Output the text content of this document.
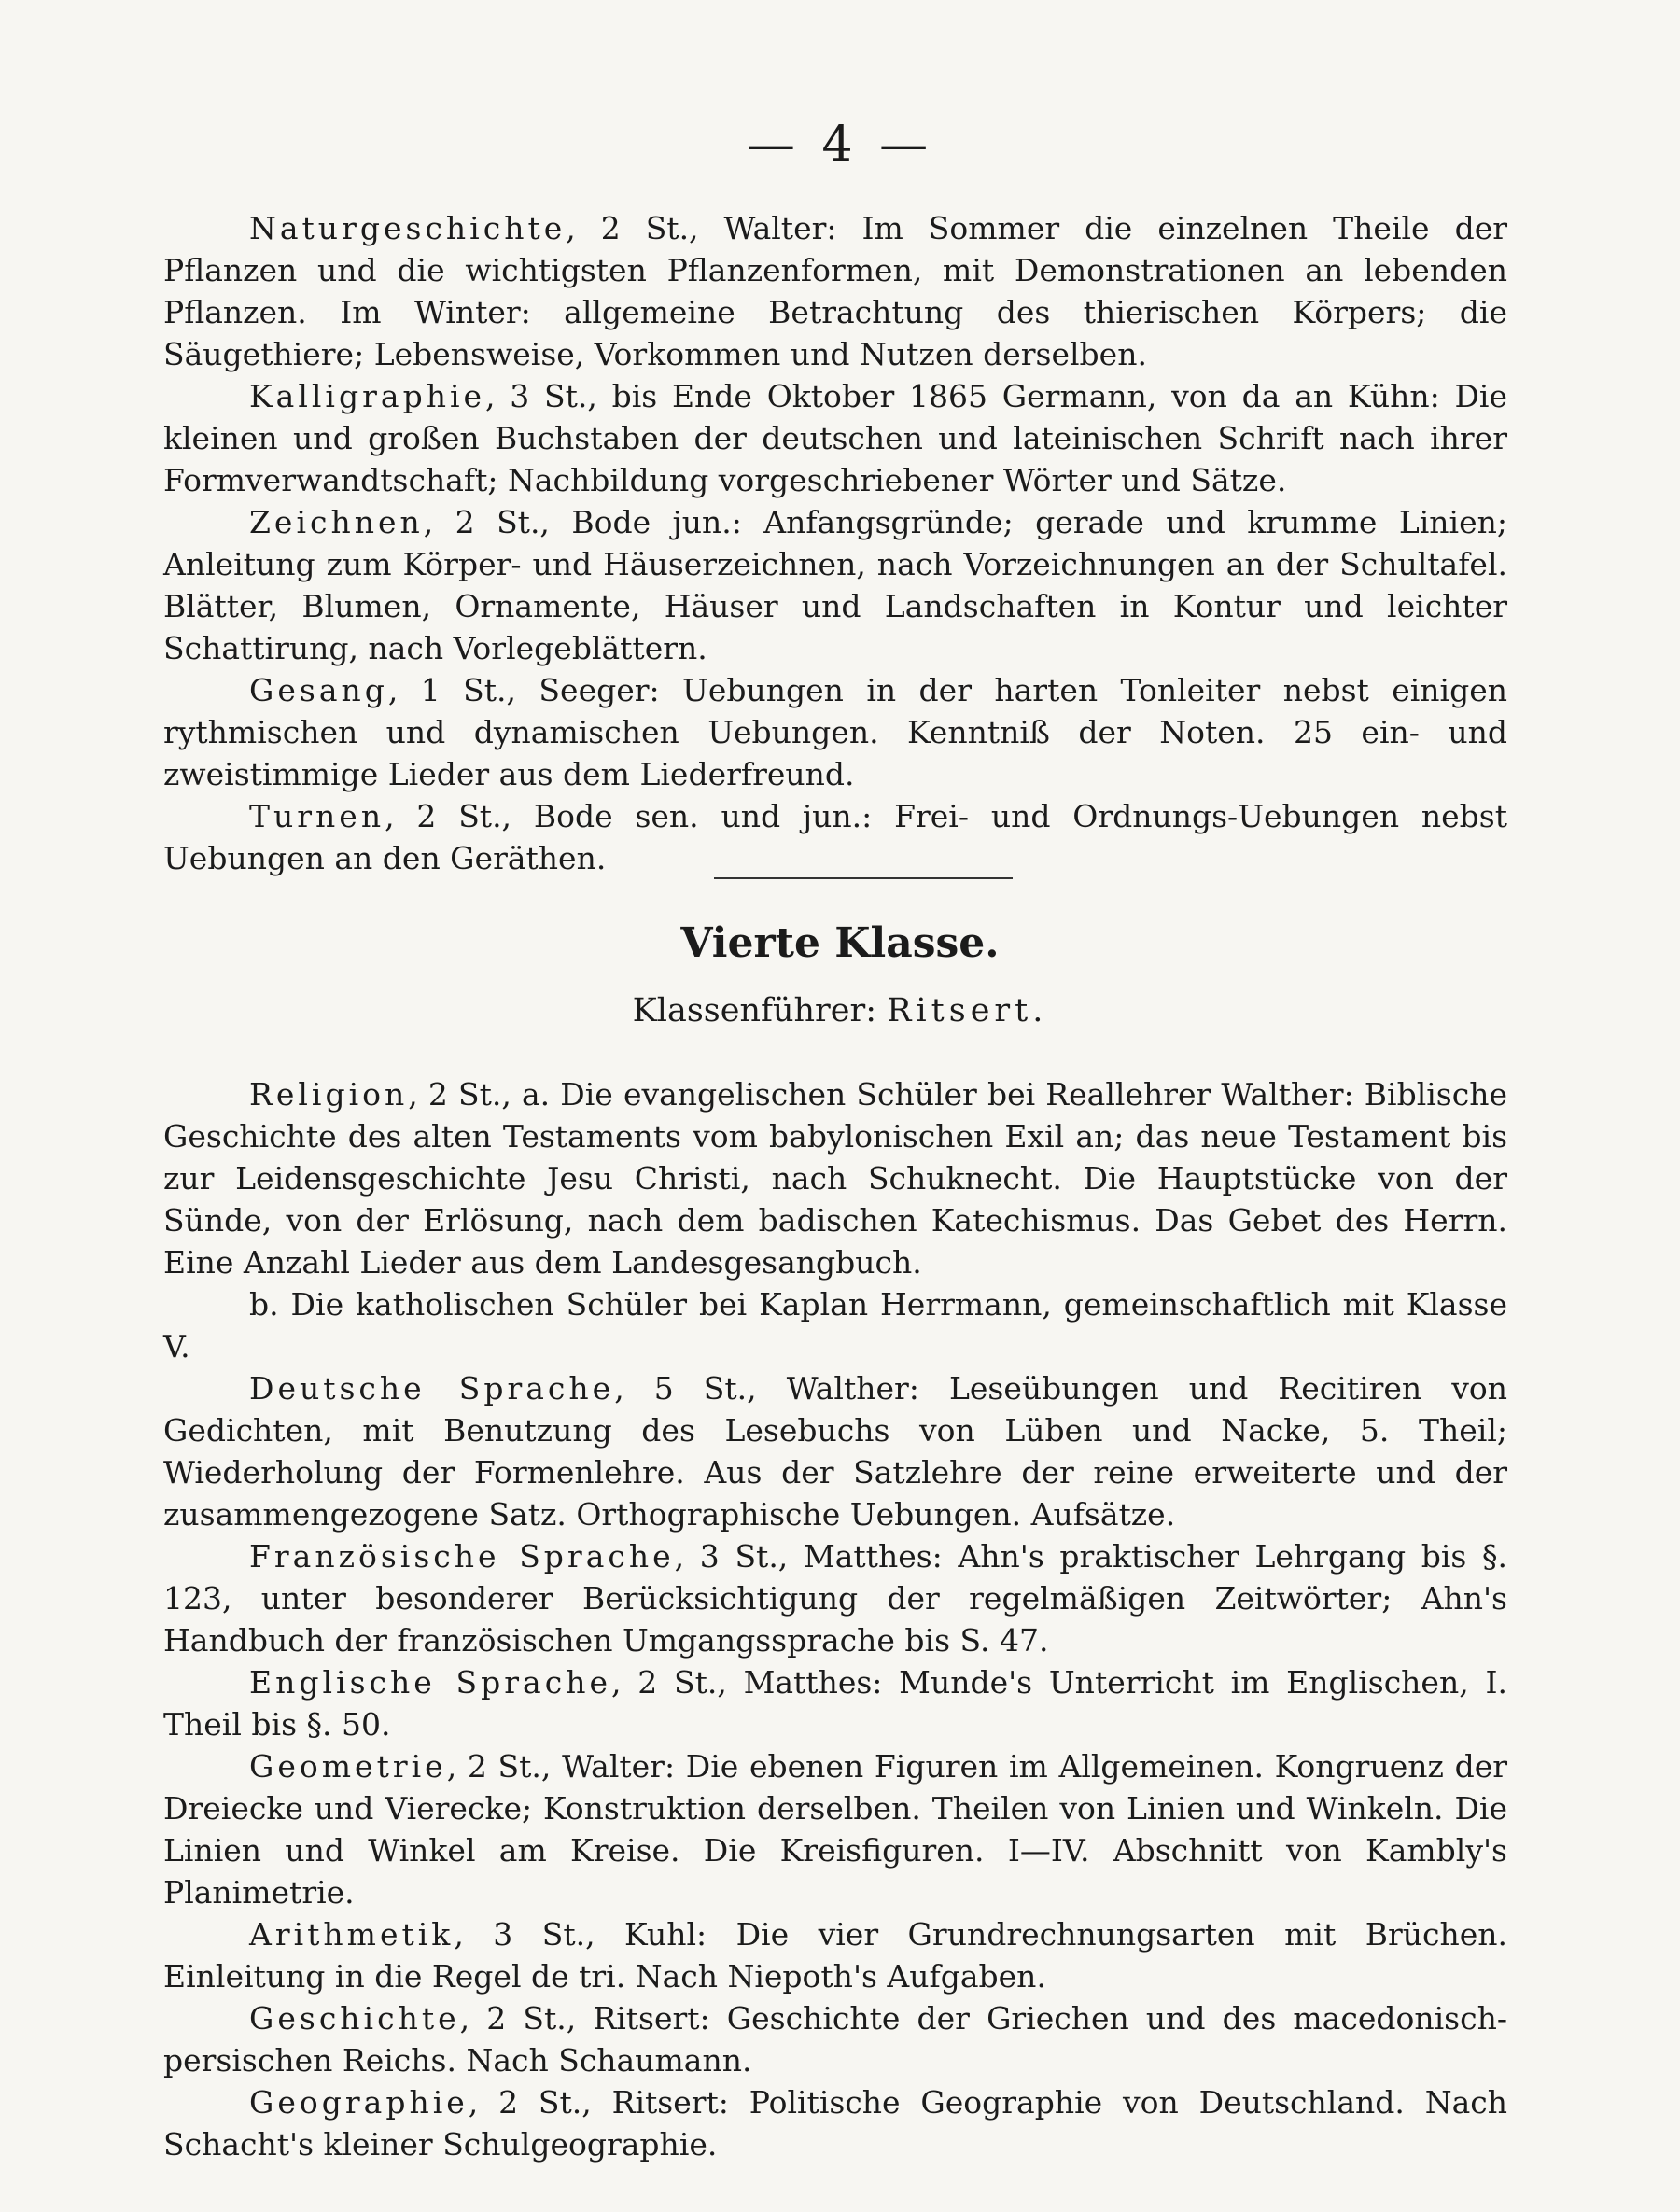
— 4 —

Naturgeschichte, 2 St., Walter: Im Sommer die einzelnen Theile der Pflanzen und die wichtigsten Pflanzenformen, mit Demonstrationen an lebenden Pflanzen. Im Winter: allgemeine Betrachtung des thierischen Körpers; die Säugethiere; Lebensweise, Vorkommen und Nutzen derselben.

Kalligraphie, 3 St., bis Ende Oktober 1865 Germann, von da an Kühn: Die kleinen und großen Buchstaben der deutschen und lateinischen Schrift nach ihrer Formverwandtschaft; Nachbildung vorgeschriebener Wörter und Sätze.

Zeichnen, 2 St., Bode jun.: Anfangsgründe; gerade und krumme Linien; Anleitung zum Körper- und Häuserzeichnen, nach Vorzeichnungen an der Schultafel. Blätter, Blumen, Ornamente, Häuser und Landschaften in Kontur und leichter Schattirung, nach Vorlegeblättern.

Gesang, 1 St., Seeger: Uebungen in der harten Tonleiter nebst einigen rythmischen und dynamischen Uebungen. Kenntniß der Noten. 25 ein- und zweistimmige Lieder aus dem Liederfreund.

Turnen, 2 St., Bode sen. und jun.: Frei- und Ordnungs-Uebungen nebst Uebungen an den Geräthen.

Vierte Klasse.
Klassenführer: Ritsert.

Religion, 2 St., a. Die evangelischen Schüler bei Reallehrer Walther: Biblische Geschichte des alten Testaments vom babylonischen Exil an; das neue Testament bis zur Leidensgeschichte Jesu Christi, nach Schuknecht. Die Hauptstücke von der Sünde, von der Erlösung, nach dem badischen Katechismus. Das Gebet des Herrn. Eine Anzahl Lieder aus dem Landesgesangbuch.

b. Die katholischen Schüler bei Kaplan Herrmann, gemeinschaftlich mit Klasse V.

Deutsche Sprache, 5 St., Walther: Leseübungen und Recitiren von Gedichten, mit Benutzung des Lesebuchs von Lüben und Nacke, 5. Theil; Wiederholung der Formenlehre. Aus der Satzlehre der reine erweiterte und der zusammengezogene Satz. Orthographische Uebungen. Aufsätze.

Französische Sprache, 3 St., Matthes: Ahn's praktischer Lehrgang bis §. 123, unter besonderer Berücksichtigung der regelmäßigen Zeitwörter; Ahn's Handbuch der französischen Umgangssprache bis S. 47.

Englische Sprache, 2 St., Matthes: Munde's Unterricht im Englischen, I. Theil bis §. 50.

Geometrie, 2 St., Walter: Die ebenen Figuren im Allgemeinen. Kongruenz der Dreiecke und Vierecke; Konstruktion derselben. Theilen von Linien und Winkeln. Die Linien und Winkel am Kreise. Die Kreisfiguren. I—IV. Abschnitt von Kambly's Planimetrie.

Arithmetik, 3 St., Kuhl: Die vier Grundrechnungsarten mit Brüchen. Einleitung in die Regel de tri. Nach Niepoth's Aufgaben.

Geschichte, 2 St., Ritsert: Geschichte der Griechen und des macedonisch-persischen Reichs. Nach Schaumann.

Geographie, 2 St., Ritsert: Politische Geographie von Deutschland. Nach Schacht's kleiner Schulgeographie.
